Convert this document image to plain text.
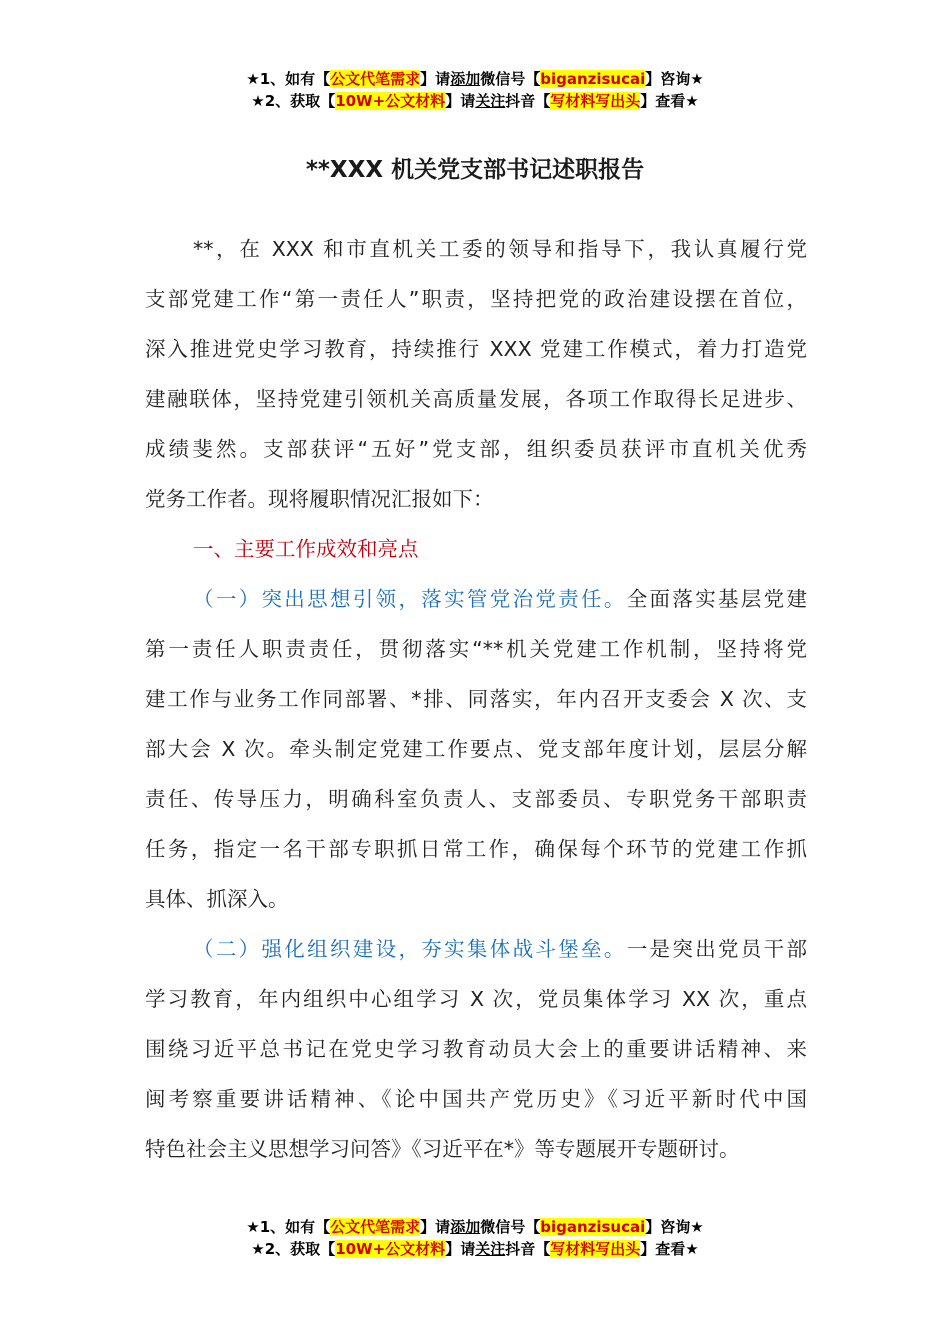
★1、如有【公文代笔需求】请添加微信号【biganzisucai】咨询★
★2、获取【10W+公文材料】请关注抖音【写材料写出头】查看★
**XXX 机关党支部书记述职报告
**，在 XXX 和市直机关工委的领导和指导下，我认真履行党
支部党建工作“第一责任人”职责，坚持把党的政治建设摆在首位，
深入推进党史学习教育，持续推行 XXX 党建工作模式，着力打造党
建融联体，坚持党建引领机关高质量发展，各项工作取得长足进步、
成绩斐然。支部获评“五好”党支部，组织委员获评市直机关优秀
党务工作者。现将履职情况汇报如下：
一、主要工作成效和亮点
（一）突出思想引领，落实管党治党责任。全面落实基层党建
第一责任人职责责任，贯彻落实“**机关党建工作机制，坚持将党
建工作与业务工作同部署、*排、同落实，年内召开支委会 X 次、支
部大会 X 次。牵头制定党建工作要点、党支部年度计划，层层分解
责任、传导压力，明确科室负责人、支部委员、专职党务干部职责
任务，指定一名干部专职抓日常工作，确保每个环节的党建工作抓
具体、抓深入。
（二）强化组织建设，夯实集体战斗堡垒。一是突出党员干部
学习教育，年内组织中心组学习 X 次，党员集体学习 XX 次，重点
围绕习近平总书记在党史学习教育动员大会上的重要讲话精神、来
闽考察重要讲话精神、《论中国共产党历史》《习近平新时代中国
特色社会主义思想学习问答》《习近平在*》等专题展开专题研讨。
★1、如有【公文代笔需求】请添加微信号【biganzisucai】咨询★
★2、获取【10W+公文材料】请关注抖音【写材料写出头】查看★
